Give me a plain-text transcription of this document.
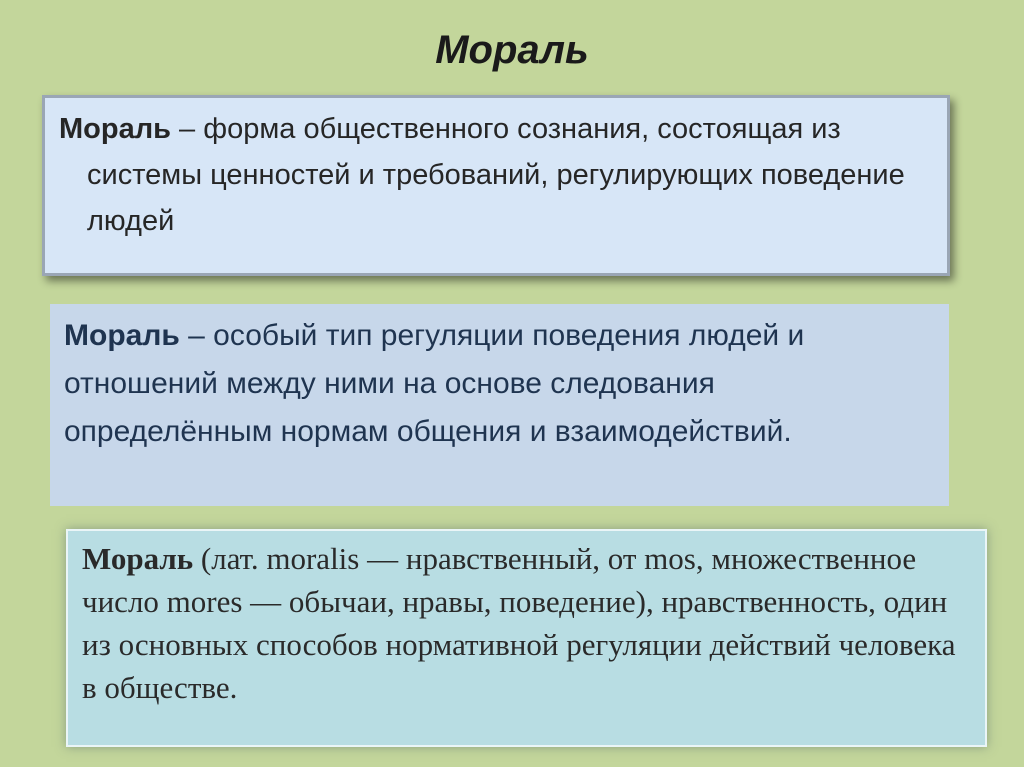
Мораль
Мораль – форма общественного сознания, состоящая из системы ценностей и требований, регулирующих поведение людей
Мораль – особый тип регуляции поведения людей и отношений между ними на основе следования определённым нормам общения и взаимодействий.
Мораль (лат. moralis — нравственный, от mos, множественное число mores — обычаи, нравы, поведение), нравственность, один из основных способов нормативной регуляции действий человека в обществе.
